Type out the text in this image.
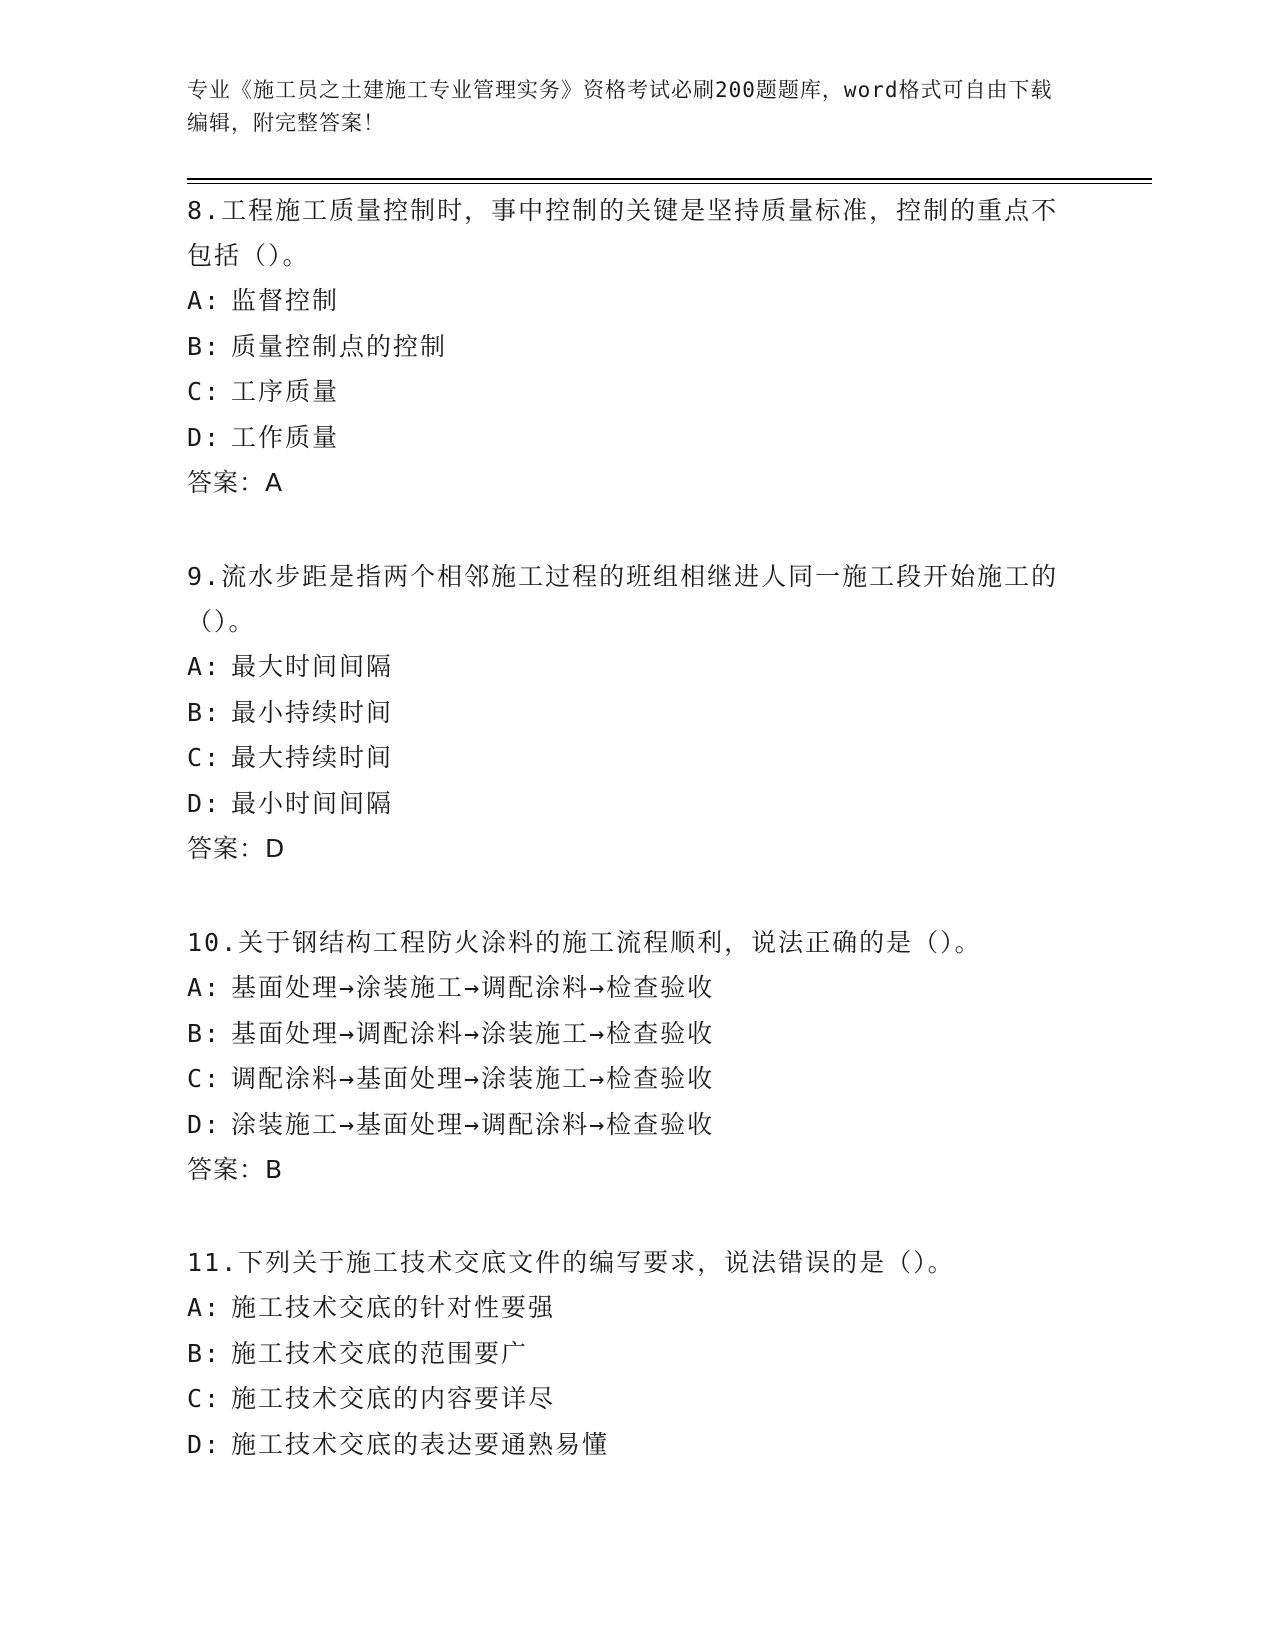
专业《施工员之土建施工专业管理实务》资格考试必刷200题题库，word格式可自由下载编辑，附完整答案！
8.工程施工质量控制时，事中控制的关键是坚持质量标准，控制的重点不包括（）。
A: 监督控制
B: 质量控制点的控制
C: 工序质量
D: 工作质量
答案：A
9.流水步距是指两个相邻施工过程的班组相继进人同一施工段开始施工的（）。
A: 最大时间间隔
B: 最小持续时间
C: 最大持续时间
D: 最小时间间隔
答案：D
10.关于钢结构工程防火涂料的施工流程顺利，说法正确的是（）。
A: 基面处理→涂装施工→调配涂料→检查验收
B: 基面处理→调配涂料→涂装施工→检查验收
C: 调配涂料→基面处理→涂装施工→检查验收
D: 涂装施工→基面处理→调配涂料→检查验收
答案：B
11.下列关于施工技术交底文件的编写要求，说法错误的是（）。
A: 施工技术交底的针对性要强
B: 施工技术交底的范围要广
C: 施工技术交底的内容要详尽
D: 施工技术交底的表达要通熟易懂
